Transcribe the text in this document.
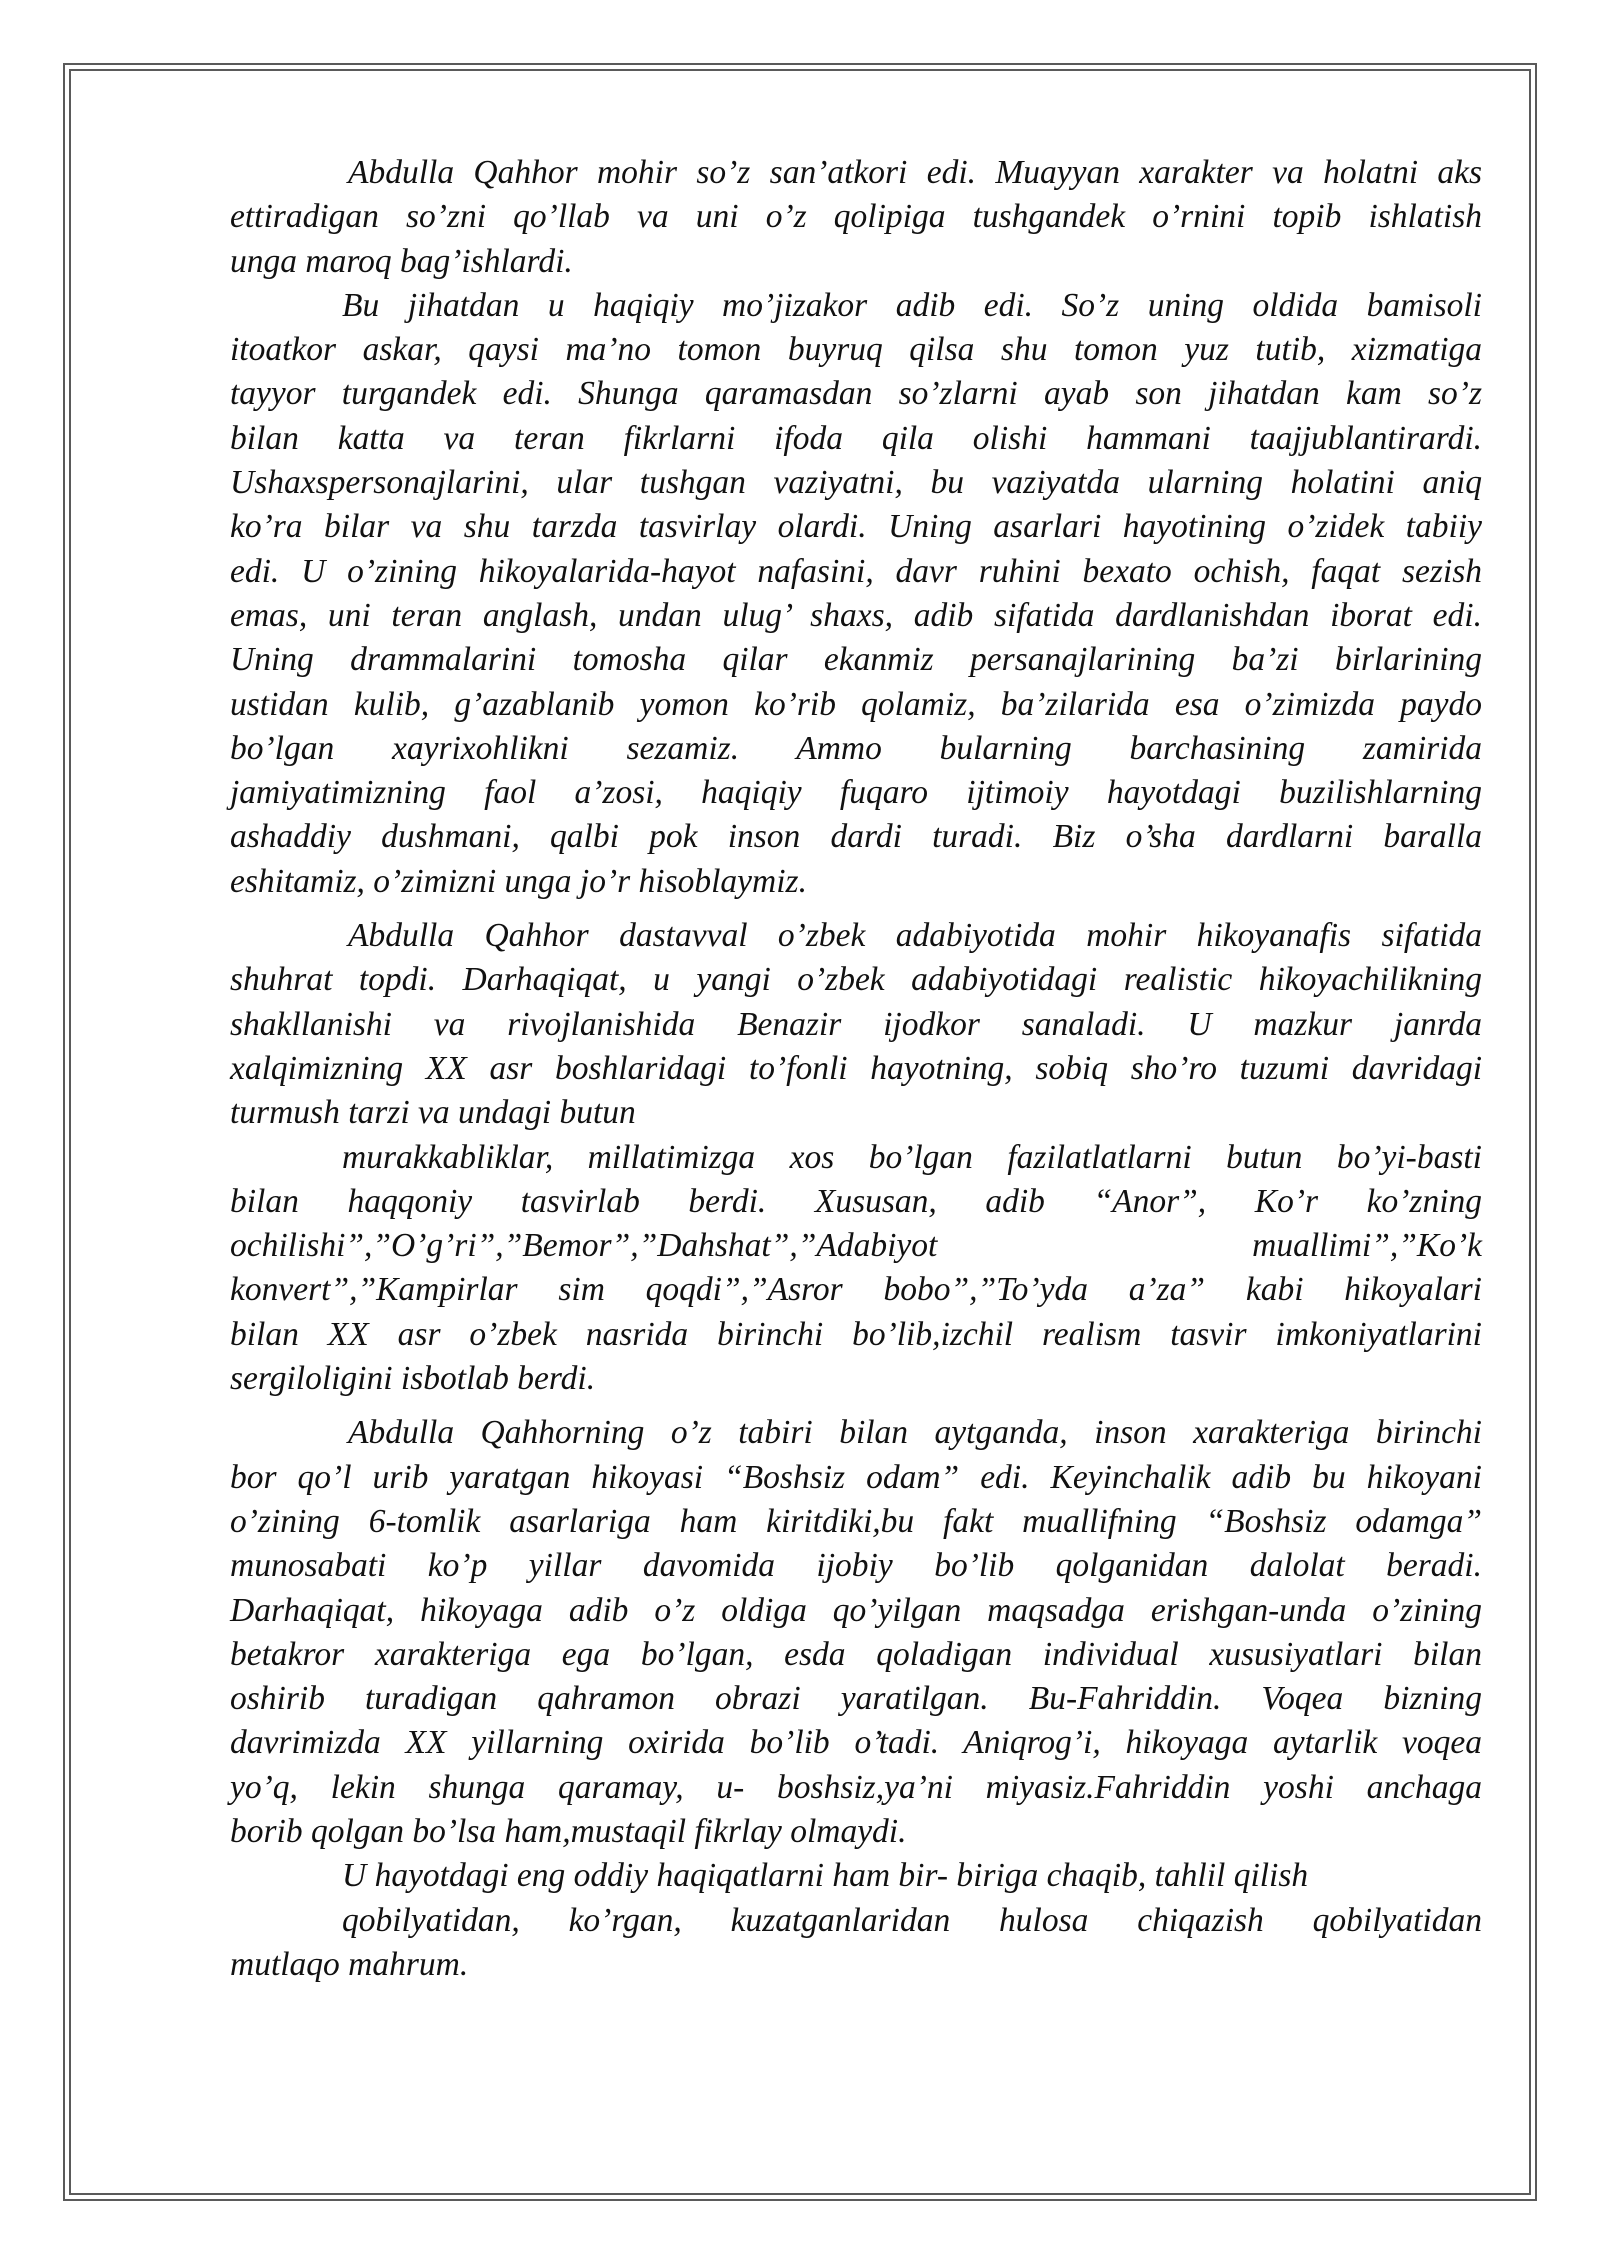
Abdulla Qahhor mohir so’z san’atkori edi. Muayyan xarakter va holatni aks
ettiradigan so’zni qo’llab va uni o’z qolipiga tushgandek o’rnini topib ishlatish
unga maroq bag’ishlardi.

Bu jihatdan u haqiqiy mo’jizakor adib edi. So’z uning oldida bamisoli
itoatkor askar, qaysi ma’no tomon buyruq qilsa shu tomon yuz tutib, xizmatiga
tayyor turgandek edi. Shunga qaramasdan so’zlarni ayab son jihatdan kam so’z
bilan katta va teran fikrlarni ifoda qila olishi hammani taajjublantirardi.
Ushaxspersonajlarini, ular tushgan vaziyatni, bu vaziyatda ularning holatini aniq
ko’ra bilar va shu tarzda tasvirlay olardi. Uning asarlari hayotining o’zidek tabiiy
edi. U o’zining hikoyalarida-hayot nafasini, davr ruhini bexato ochish, faqat sezish
emas, uni teran anglash, undan ulug’ shaxs, adib sifatida dardlanishdan iborat edi.
Uning drammalarini tomosha qilar ekanmiz persanajlarining ba’zi birlarining
ustidan kulib, g’azablanib yomon ko’rib qolamiz, ba’zilarida esa o’zimizda paydo
bo’lgan xayrixohlikni sezamiz. Ammo bularning barchasining zamirida
jamiyatimizning faol a’zosi, haqiqiy fuqaro ijtimoiy hayotdagi buzilishlarning
ashaddiy dushmani, qalbi pok inson dardi turadi. Biz o’sha dardlarni baralla
eshitamiz, o’zimizni unga jo’r hisoblaymiz.

Abdulla Qahhor dastavval o’zbek adabiyotida mohir hikoyanafis sifatida
shuhrat topdi. Darhaqiqat, u yangi o’zbek adabiyotidagi realistic hikoyachilikning
shakllanishi va rivojlanishida Benazir ijodkor sanaladi. U mazkur janrda
xalqimizning XX asr boshlaridagi to’fonli hayotning, sobiq sho’ro tuzumi davridagi
turmush tarzi va undagi butun

murakkabliklar, millatimizga xos bo’lgan fazilatlatlarni butun bo’yi-basti
bilan haqqoniy tasvirlab berdi. Xususan, adib “Anor”, Ko’r ko’zning
ochilishi”,”O’g’ri”,”Bemor”,”Dahshat”,”Adabiyot muallimi”,”Ko’k
konvert”,”Kampirlar sim qoqdi”,”Asror bobo”,”To’yda a’za” kabi hikoyalari
bilan XX asr o’zbek nasrida birinchi bo’lib,izchil realism tasvir imkoniyatlarini
sergiloligini isbotlab berdi.

Abdulla Qahhorning o’z tabiri bilan aytganda, inson xarakteriga birinchi
bor qo’l urib yaratgan hikoyasi “Boshsiz odam” edi. Keyinchalik adib bu hikoyani
o’zining 6-tomlik asarlariga ham kiritdiki,bu fakt muallifning “Boshsiz odamga”
munosabati ko’p yillar davomida ijobiy bo’lib qolganidan dalolat beradi.
Darhaqiqat, hikoyaga adib o’z oldiga qo’yilgan maqsadga erishgan-unda o’zining
betakror xarakteriga ega bo’lgan, esda qoladigan individual xususiyatlari bilan
oshirib turadigan qahramon obrazi yaratilgan. Bu-Fahriddin. Voqea bizning
davrimizda XX yillarning oxirida bo’lib o’tadi. Aniqrog’i, hikoyaga aytarlik voqea
yo’q, lekin shunga qaramay, u- boshsiz,ya’ni miyasiz.Fahriddin yoshi anchaga
borib qolgan bo’lsa ham,mustaqil fikrlay olmaydi.

U hayotdagi eng oddiy haqiqatlarni ham bir- biriga chaqib, tahlil qilish

qobilyatidan, ko’rgan, kuzatganlaridan hulosa chiqazish qobilyatidan
mutlaqo mahrum.
